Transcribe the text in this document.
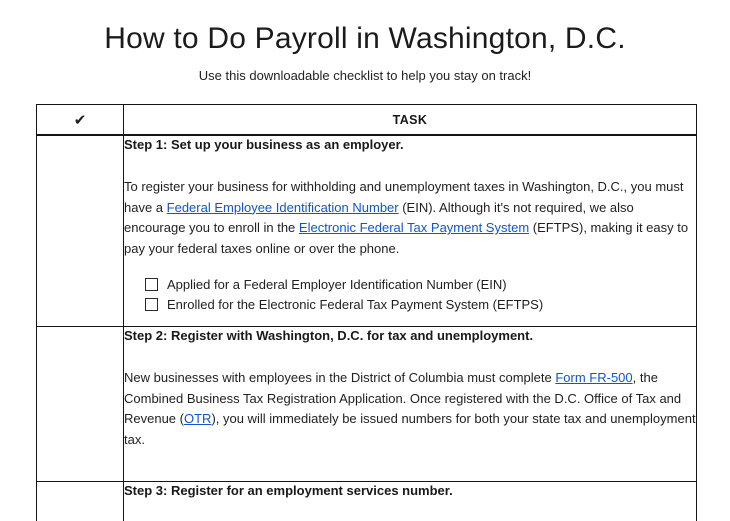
How to Do Payroll in Washington, D.C.

Use this downloadable checklist to help you stay on track!

✔	TASK

	Step 1: Set up your business as an employer.

To register your business for withholding and unemployment taxes in Washington, D.C., you must have a Federal Employee Identification Number (EIN). Although it's not required, we also encourage you to enroll in the Electronic Federal Tax Payment System (EFTPS), making it easy to pay your federal taxes online or over the phone.

Applied for a Federal Employer Identification Number (EIN)
Enrolled for the Electronic Federal Tax Payment System (EFTPS)

	Step 2: Register with Washington, D.C. for tax and unemployment.

New businesses with employees in the District of Columbia must complete Form FR-500, the Combined Business Tax Registration Application. Once registered with the D.C. Office of Tax and Revenue (OTR), you will immediately be issued numbers for both your state tax and unemployment tax.

	Step 3: Register for an employment services number.
